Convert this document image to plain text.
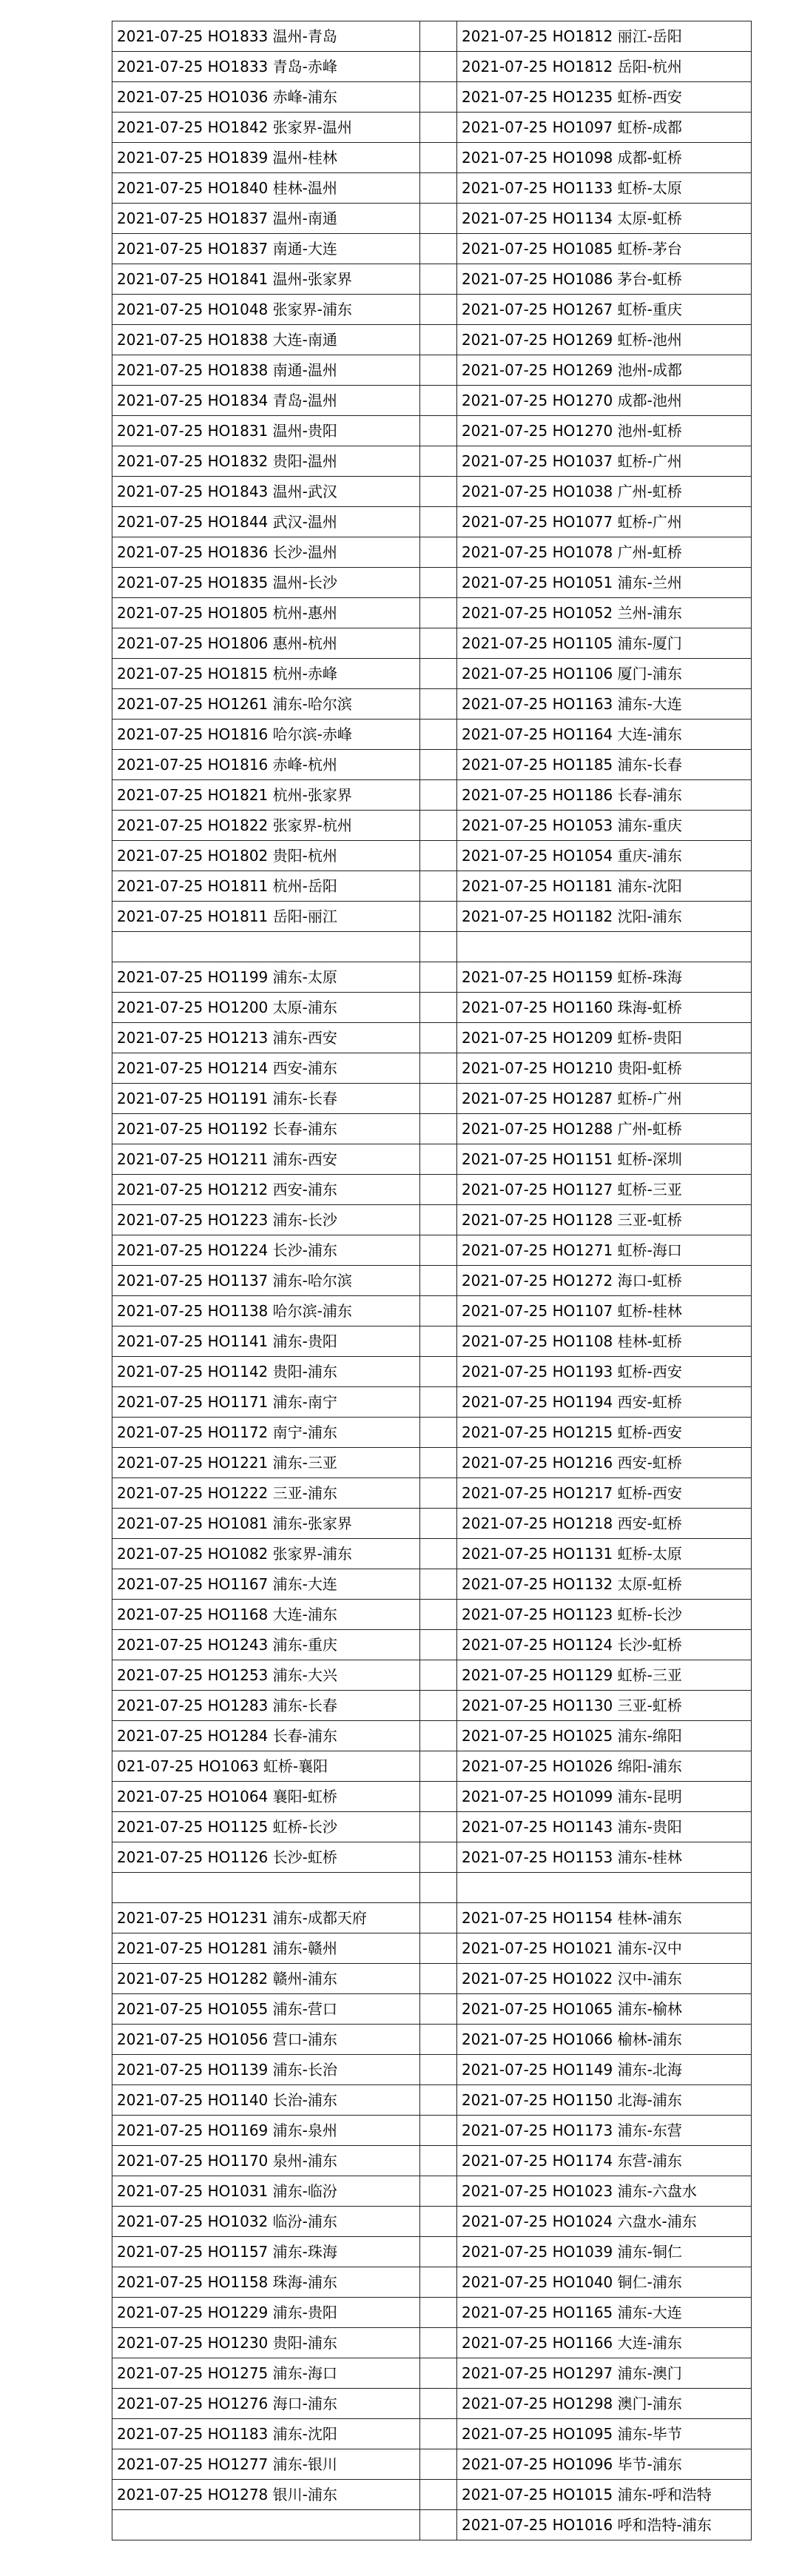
2021-07-25 HO1833 温州-青岛		2021-07-25 HO1812 丽江-岳阳
2021-07-25 HO1833 青岛-赤峰		2021-07-25 HO1812 岳阳-杭州
2021-07-25 HO1036 赤峰-浦东		2021-07-25 HO1235 虹桥-西安
2021-07-25 HO1842 张家界-温州		2021-07-25 HO1097 虹桥-成都
2021-07-25 HO1839 温州-桂林		2021-07-25 HO1098 成都-虹桥
2021-07-25 HO1840 桂林-温州		2021-07-25 HO1133 虹桥-太原
2021-07-25 HO1837 温州-南通		2021-07-25 HO1134 太原-虹桥
2021-07-25 HO1837 南通-大连		2021-07-25 HO1085 虹桥-茅台
2021-07-25 HO1841 温州-张家界		2021-07-25 HO1086 茅台-虹桥
2021-07-25 HO1048 张家界-浦东		2021-07-25 HO1267 虹桥-重庆
2021-07-25 HO1838 大连-南通		2021-07-25 HO1269 虹桥-池州
2021-07-25 HO1838 南通-温州		2021-07-25 HO1269 池州-成都
2021-07-25 HO1834 青岛-温州		2021-07-25 HO1270 成都-池州
2021-07-25 HO1831 温州-贵阳		2021-07-25 HO1270 池州-虹桥
2021-07-25 HO1832 贵阳-温州		2021-07-25 HO1037 虹桥-广州
2021-07-25 HO1843 温州-武汉		2021-07-25 HO1038 广州-虹桥
2021-07-25 HO1844 武汉-温州		2021-07-25 HO1077 虹桥-广州
2021-07-25 HO1836 长沙-温州		2021-07-25 HO1078 广州-虹桥
2021-07-25 HO1835 温州-长沙		2021-07-25 HO1051 浦东-兰州
2021-07-25 HO1805 杭州-惠州		2021-07-25 HO1052 兰州-浦东
2021-07-25 HO1806 惠州-杭州		2021-07-25 HO1105 浦东-厦门
2021-07-25 HO1815 杭州-赤峰		2021-07-25 HO1106 厦门-浦东
2021-07-25 HO1261 浦东-哈尔滨		2021-07-25 HO1163 浦东-大连
2021-07-25 HO1816 哈尔滨-赤峰		2021-07-25 HO1164 大连-浦东
2021-07-25 HO1816 赤峰-杭州		2021-07-25 HO1185 浦东-长春
2021-07-25 HO1821 杭州-张家界		2021-07-25 HO1186 长春-浦东
2021-07-25 HO1822 张家界-杭州		2021-07-25 HO1053 浦东-重庆
2021-07-25 HO1802 贵阳-杭州		2021-07-25 HO1054 重庆-浦东
2021-07-25 HO1811 杭州-岳阳		2021-07-25 HO1181 浦东-沈阳
2021-07-25 HO1811 岳阳-丽江		2021-07-25 HO1182 沈阳-浦东

2021-07-25 HO1199 浦东-太原		2021-07-25 HO1159 虹桥-珠海
2021-07-25 HO1200 太原-浦东		2021-07-25 HO1160 珠海-虹桥
2021-07-25 HO1213 浦东-西安		2021-07-25 HO1209 虹桥-贵阳
2021-07-25 HO1214 西安-浦东		2021-07-25 HO1210 贵阳-虹桥
2021-07-25 HO1191 浦东-长春		2021-07-25 HO1287 虹桥-广州
2021-07-25 HO1192 长春-浦东		2021-07-25 HO1288 广州-虹桥
2021-07-25 HO1211 浦东-西安		2021-07-25 HO1151 虹桥-深圳
2021-07-25 HO1212 西安-浦东		2021-07-25 HO1127 虹桥-三亚
2021-07-25 HO1223 浦东-长沙		2021-07-25 HO1128 三亚-虹桥
2021-07-25 HO1224 长沙-浦东		2021-07-25 HO1271 虹桥-海口
2021-07-25 HO1137 浦东-哈尔滨		2021-07-25 HO1272 海口-虹桥
2021-07-25 HO1138 哈尔滨-浦东		2021-07-25 HO1107 虹桥-桂林
2021-07-25 HO1141 浦东-贵阳		2021-07-25 HO1108 桂林-虹桥
2021-07-25 HO1142 贵阳-浦东		2021-07-25 HO1193 虹桥-西安
2021-07-25 HO1171 浦东-南宁		2021-07-25 HO1194 西安-虹桥
2021-07-25 HO1172 南宁-浦东		2021-07-25 HO1215 虹桥-西安
2021-07-25 HO1221 浦东-三亚		2021-07-25 HO1216 西安-虹桥
2021-07-25 HO1222 三亚-浦东		2021-07-25 HO1217 虹桥-西安
2021-07-25 HO1081 浦东-张家界		2021-07-25 HO1218 西安-虹桥
2021-07-25 HO1082 张家界-浦东		2021-07-25 HO1131 虹桥-太原
2021-07-25 HO1167 浦东-大连		2021-07-25 HO1132 太原-虹桥
2021-07-25 HO1168 大连-浦东		2021-07-25 HO1123 虹桥-长沙
2021-07-25 HO1243 浦东-重庆		2021-07-25 HO1124 长沙-虹桥
2021-07-25 HO1253 浦东-大兴		2021-07-25 HO1129 虹桥-三亚
2021-07-25 HO1283 浦东-长春		2021-07-25 HO1130 三亚-虹桥
2021-07-25 HO1284 长春-浦东		2021-07-25 HO1025 浦东-绵阳
021-07-25 HO1063 虹桥-襄阳		2021-07-25 HO1026 绵阳-浦东
2021-07-25 HO1064 襄阳-虹桥		2021-07-25 HO1099 浦东-昆明
2021-07-25 HO1125 虹桥-长沙		2021-07-25 HO1143 浦东-贵阳
2021-07-25 HO1126 长沙-虹桥		2021-07-25 HO1153 浦东-桂林

2021-07-25 HO1231 浦东-成都天府		2021-07-25 HO1154 桂林-浦东
2021-07-25 HO1281 浦东-赣州		2021-07-25 HO1021 浦东-汉中
2021-07-25 HO1282 赣州-浦东		2021-07-25 HO1022 汉中-浦东
2021-07-25 HO1055 浦东-营口		2021-07-25 HO1065 浦东-榆林
2021-07-25 HO1056 营口-浦东		2021-07-25 HO1066 榆林-浦东
2021-07-25 HO1139 浦东-长治		2021-07-25 HO1149 浦东-北海
2021-07-25 HO1140 长治-浦东		2021-07-25 HO1150 北海-浦东
2021-07-25 HO1169 浦东-泉州		2021-07-25 HO1173 浦东-东营
2021-07-25 HO1170 泉州-浦东		2021-07-25 HO1174 东营-浦东
2021-07-25 HO1031 浦东-临汾		2021-07-25 HO1023 浦东-六盘水
2021-07-25 HO1032 临汾-浦东		2021-07-25 HO1024 六盘水-浦东
2021-07-25 HO1157 浦东-珠海		2021-07-25 HO1039 浦东-铜仁
2021-07-25 HO1158 珠海-浦东		2021-07-25 HO1040 铜仁-浦东
2021-07-25 HO1229 浦东-贵阳		2021-07-25 HO1165 浦东-大连
2021-07-25 HO1230 贵阳-浦东		2021-07-25 HO1166 大连-浦东
2021-07-25 HO1275 浦东-海口		2021-07-25 HO1297 浦东-澳门
2021-07-25 HO1276 海口-浦东		2021-07-25 HO1298 澳门-浦东
2021-07-25 HO1183 浦东-沈阳		2021-07-25 HO1095 浦东-毕节
2021-07-25 HO1277 浦东-银川		2021-07-25 HO1096 毕节-浦东
2021-07-25 HO1278 银川-浦东		2021-07-25 HO1015 浦东-呼和浩特
		2021-07-25 HO1016 呼和浩特-浦东
